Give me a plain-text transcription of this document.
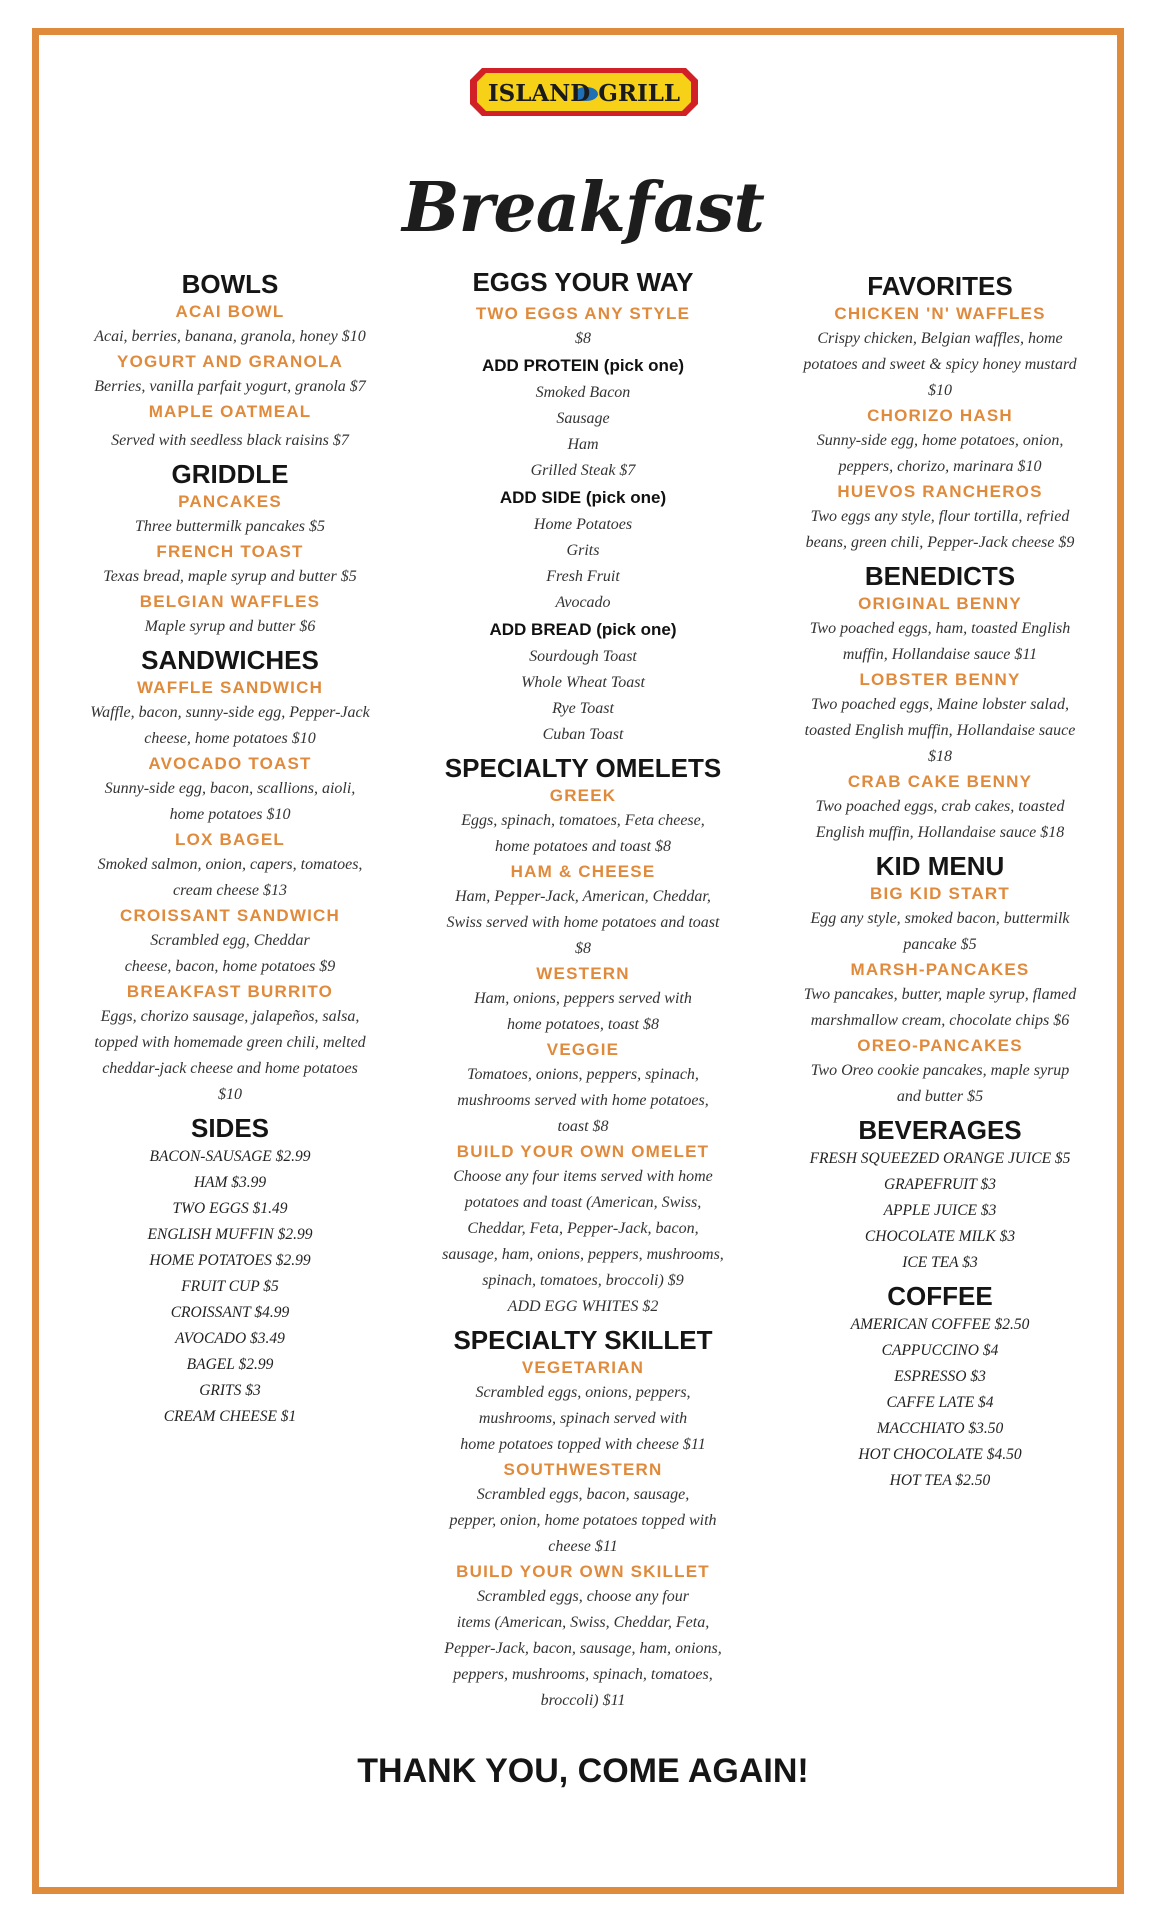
ISLAND GRILL
Breakfast
BOWLS
ACAI BOWL
Acai, berries, banana, granola, honey $10
YOGURT AND GRANOLA
Berries, vanilla parfait yogurt, granola $7
MAPLE OATMEAL
Served with seedless black raisins $7
GRIDDLE
PANCAKES
Three buttermilk pancakes $5
FRENCH TOAST
Texas bread, maple syrup and butter $5
BELGIAN WAFFLES
Maple syrup and butter $6
SANDWICHES
WAFFLE SANDWICH
Waffle, bacon, sunny-side egg, Pepper-Jack
cheese, home potatoes $10
AVOCADO TOAST
Sunny-side egg, bacon, scallions, aioli,
home potatoes $10
LOX BAGEL
Smoked salmon, onion, capers, tomatoes,
cream cheese $13
CROISSANT SANDWICH
Scrambled egg, Cheddar
cheese, bacon, home potatoes $9
BREAKFAST BURRITO
Eggs, chorizo sausage, jalapeños, salsa,
topped with homemade green chili, melted
cheddar-jack cheese and home potatoes
$10
SIDES
BACON-SAUSAGE $2.99
HAM $3.99
TWO EGGS $1.49
ENGLISH MUFFIN $2.99
HOME POTATOES $2.99
FRUIT CUP $5
CROISSANT $4.99
AVOCADO $3.49
BAGEL $2.99
GRITS $3
CREAM CHEESE $1
EGGS YOUR WAY
TWO EGGS ANY STYLE
$8
ADD PROTEIN (pick one)
Smoked Bacon
Sausage
Ham
Grilled Steak $7
ADD SIDE (pick one)
Home Potatoes
Grits
Fresh Fruit
Avocado
ADD BREAD (pick one)
Sourdough Toast
Whole Wheat Toast
Rye Toast
Cuban Toast
SPECIALTY OMELETS
GREEK
Eggs, spinach, tomatoes, Feta cheese,
home potatoes and toast $8
HAM & CHEESE
Ham, Pepper-Jack, American, Cheddar,
Swiss served with home potatoes and toast
$8
WESTERN
Ham, onions, peppers served with
home potatoes, toast $8
VEGGIE
Tomatoes, onions, peppers, spinach,
mushrooms served with home potatoes,
toast $8
BUILD YOUR OWN OMELET
Choose any four items served with home
potatoes and toast (American, Swiss,
Cheddar, Feta, Pepper-Jack, bacon,
sausage, ham, onions, peppers, mushrooms,
spinach, tomatoes, broccoli) $9
ADD EGG WHITES $2
SPECIALTY SKILLET
VEGETARIAN
Scrambled eggs, onions, peppers,
mushrooms, spinach served with
home potatoes topped with cheese $11
SOUTHWESTERN
Scrambled eggs, bacon, sausage,
pepper, onion, home potatoes topped with
cheese $11
BUILD YOUR OWN SKILLET
Scrambled eggs, choose any four
items (American, Swiss, Cheddar, Feta,
Pepper-Jack, bacon, sausage, ham, onions,
peppers, mushrooms, spinach, tomatoes,
broccoli) $11
FAVORITES
CHICKEN 'N' WAFFLES
Crispy chicken, Belgian waffles, home
potatoes and sweet & spicy honey mustard
$10
CHORIZO HASH
Sunny-side egg, home potatoes, onion,
peppers, chorizo, marinara $10
HUEVOS RANCHEROS
Two eggs any style, flour tortilla, refried
beans, green chili, Pepper-Jack cheese $9
BENEDICTS
ORIGINAL BENNY
Two poached eggs, ham, toasted English
muffin, Hollandaise sauce $11
LOBSTER BENNY
Two poached eggs, Maine lobster salad,
toasted English muffin, Hollandaise sauce
$18
CRAB CAKE BENNY
Two poached eggs, crab cakes, toasted
English muffin, Hollandaise sauce $18
KID MENU
BIG KID START
Egg any style, smoked bacon, buttermilk
pancake $5
MARSH-PANCAKES
Two pancakes, butter, maple syrup, flamed
marshmallow cream, chocolate chips $6
OREO-PANCAKES
Two Oreo cookie pancakes, maple syrup
and butter $5
BEVERAGES
FRESH SQUEEZED ORANGE JUICE $5
GRAPEFRUIT $3
APPLE JUICE $3
CHOCOLATE MILK $3
ICE TEA $3
COFFEE
AMERICAN COFFEE $2.50
CAPPUCCINO $4
ESPRESSO $3
CAFFE LATE $4
MACCHIATO $3.50
HOT CHOCOLATE $4.50
HOT TEA $2.50
THANK YOU, COME AGAIN!
